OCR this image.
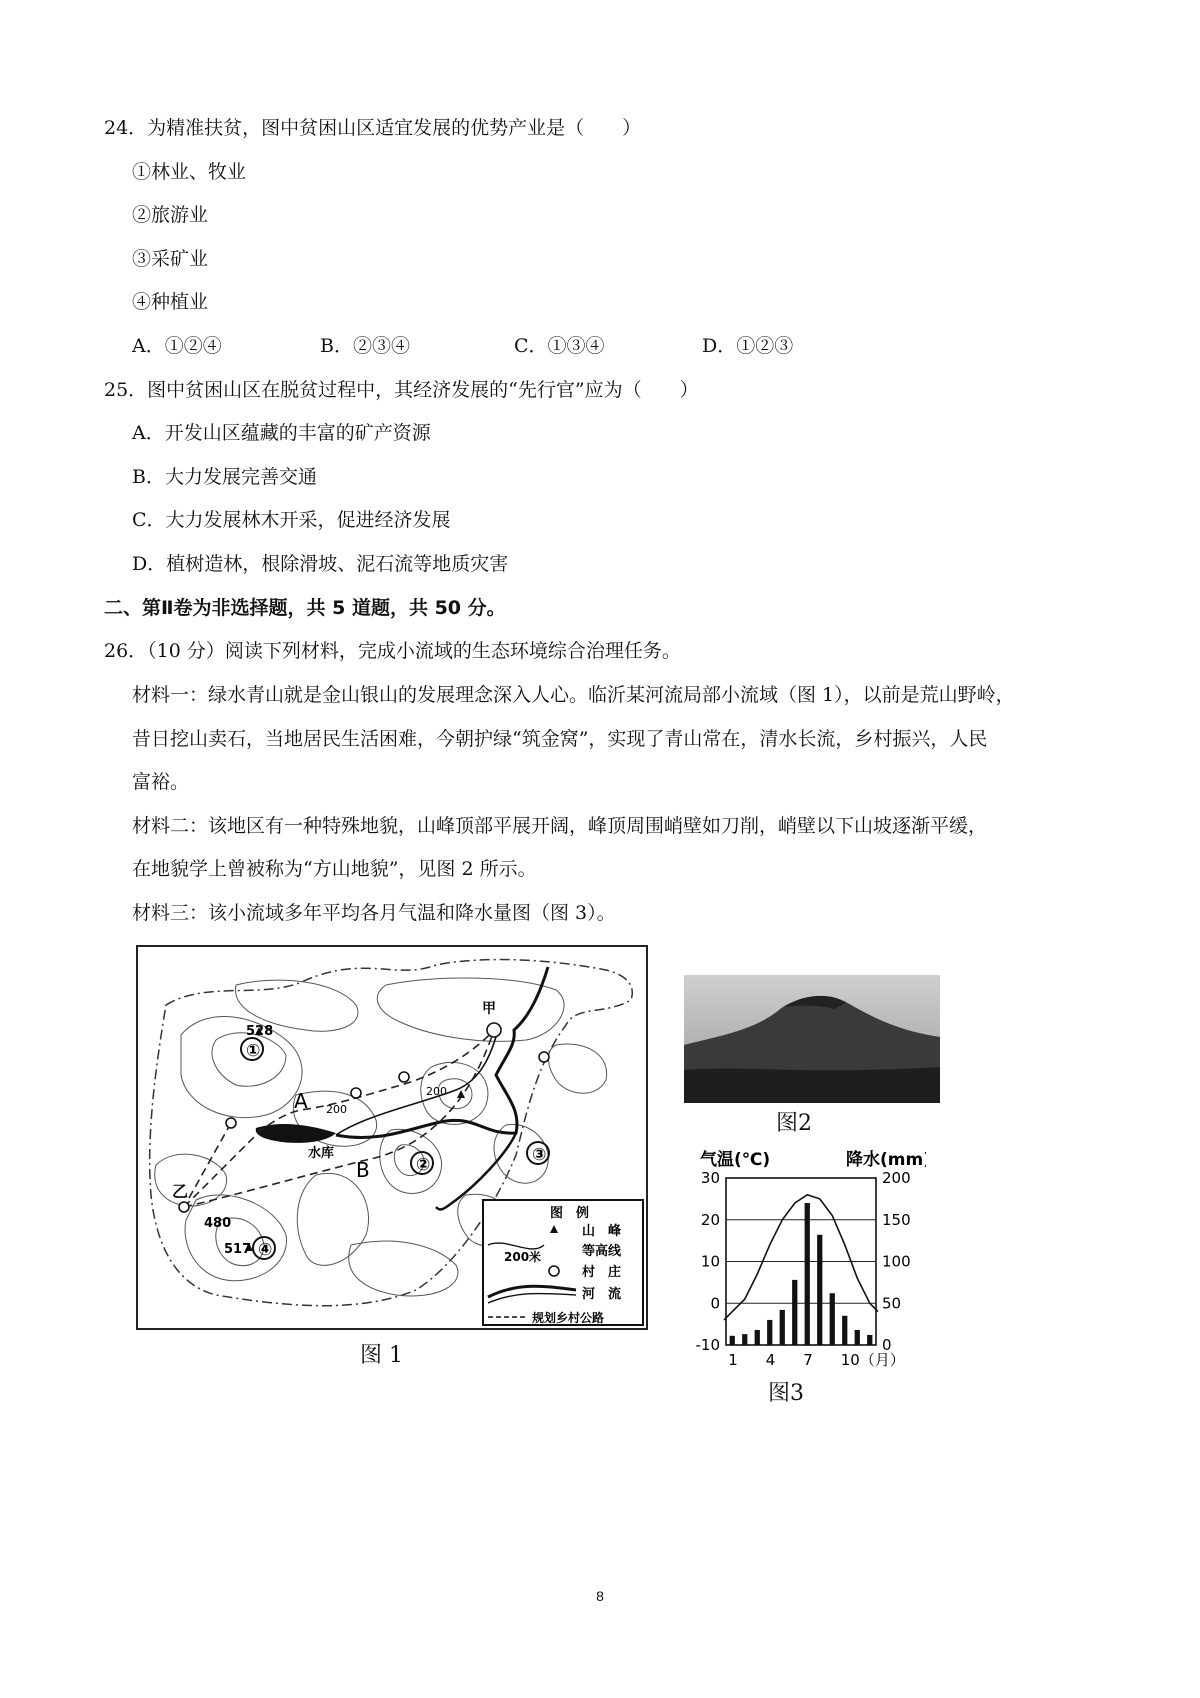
24．为精准扶贫，图中贫困山区适宜发展的优势产业是（　　）
①林业、牧业
②旅游业
③采矿业
④种植业
A．①②④	B．②③④	C．①③④	D．①②③
25．图中贫困山区在脱贫过程中，其经济发展的“先行官”应为（　　）
A．开发山区蕴藏的丰富的矿产资源
B．大力发展完善交通
C．大力发展林木开采，促进经济发展
D．植树造林，根除滑坡、泥石流等地质灾害
二、第Ⅱ卷为非选择题，共 5 道题，共 50 分。
26．（10 分）阅读下列材料，完成小流域的生态环境综合治理任务。
材料一：绿水青山就是金山银山的发展理念深入人心。临沂某河流局部小流域（图 1），以前是荒山野岭，
昔日挖山卖石，当地居民生活困难，今朝护绿“筑金窝”，实现了青山常在，清水长流，乡村振兴，人民
富裕。
材料二：该地区有一种特殊地貌，山峰顶部平展开阔，峰顶周围峭壁如刀削，峭壁以下山坡逐渐平缓，
在地貌学上曾被称为“方山地貌”，见图 2 所示。
材料三：该小流域多年平均各月气温和降水量图（图 3）。
①
②	③
④
528
517
480
200
200
A
B
甲
乙
水库
图　例
山　峰
200米	等高线
村　庄
河　流
规划乡村公路
图 1
图2
气温(℃)	降水(mm)
30
20
10
0
-10
200
150
100
50
0
1 4 7 10（月）
图3
8
